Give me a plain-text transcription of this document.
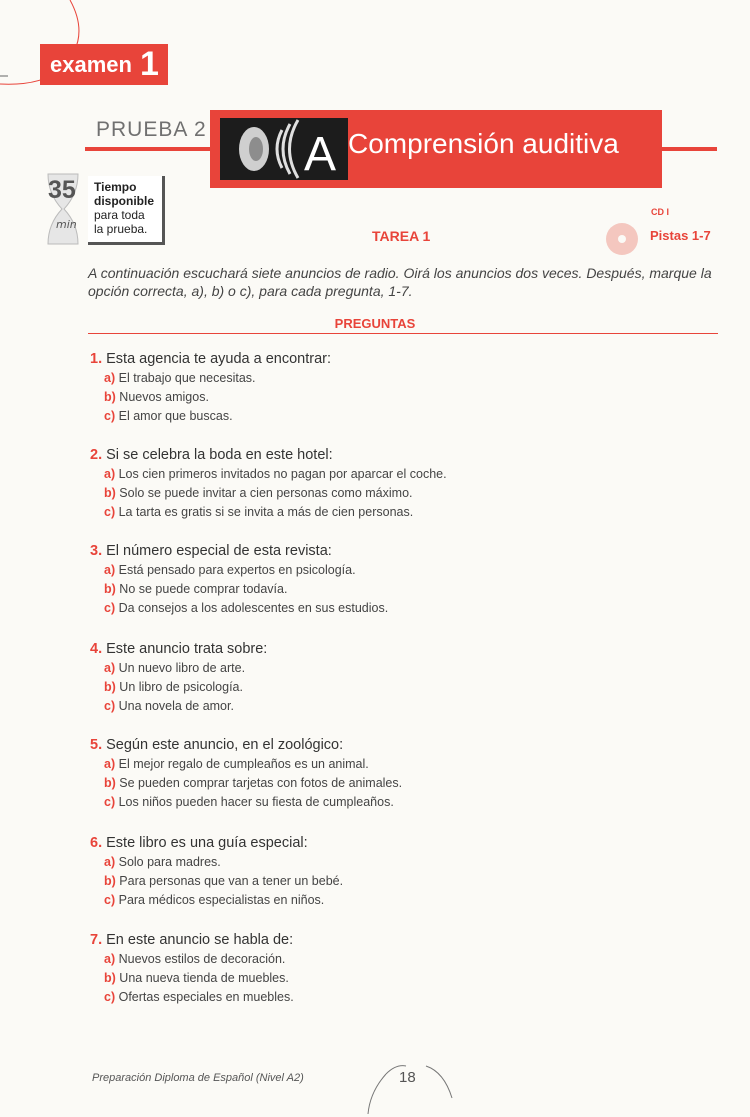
examen 1
PRUEBA 2 A Comprensión auditiva
35
min
Tiempo
disponible
para toda
la prueba.	TAREA 1
CD I
Pistas 1-7
A continuación escuchará siete anuncios de radio. Oirá los anuncios dos veces. Después, marque la opción correcta, a), b) o c), para cada pregunta, 1-7.
PREGUNTAS
1. Esta agencia te ayuda a encontrar:
a) El trabajo que necesitas.
b) Nuevos amigos.
c) El amor que buscas.
2. Si se celebra la boda en este hotel:
a) Los cien primeros invitados no pagan por aparcar el coche.
b) Solo se puede invitar a cien personas como máximo.
c) La tarta es gratis si se invita a más de cien personas.
3. El número especial de esta revista:
a) Está pensado para expertos en psicología.
b) No se puede comprar todavía.
c) Da consejos a los adolescentes en sus estudios.
4. Este anuncio trata sobre:
a) Un nuevo libro de arte.
b) Un libro de psicología.
c) Una novela de amor.
5. Según este anuncio, en el zoológico:
a) El mejor regalo de cumpleaños es un animal.
b) Se pueden comprar tarjetas con fotos de animales.
c) Los niños pueden hacer su fiesta de cumpleaños.
6. Este libro es una guía especial:
a) Solo para madres.
b) Para personas que van a tener un bebé.
c) Para médicos especialistas en niños.
7. En este anuncio se habla de:
a) Nuevos estilos de decoración.
b) Una nueva tienda de muebles.
c) Ofertas especiales en muebles.
Preparación Diploma de Español (Nivel A2)	18
